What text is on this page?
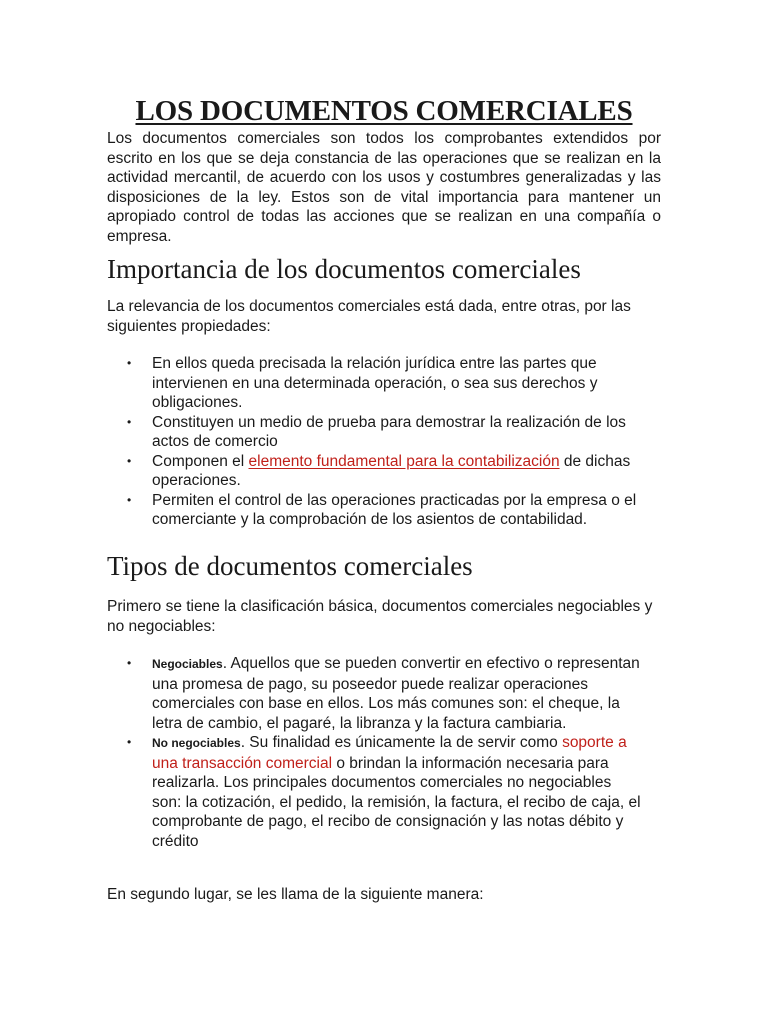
LOS DOCUMENTOS COMERCIALES

Los documentos comerciales son todos los comprobantes extendidos por escrito en los que se deja constancia de las operaciones que se realizan en la actividad mercantil, de acuerdo con los usos y costumbres generalizadas y las disposiciones de la ley. Estos son de vital importancia para mantener un apropiado control de todas las acciones que se realizan en una compañía o empresa.

Importancia de los documentos comerciales

La relevancia de los documentos comerciales está dada, entre otras, por las siguientes propiedades:

• En ellos queda precisada la relación jurídica entre las partes que intervienen en una determinada operación, o sea sus derechos y obligaciones.
• Constituyen un medio de prueba para demostrar la realización de los actos de comercio
• Componen el elemento fundamental para la contabilización de dichas operaciones.
• Permiten el control de las operaciones practicadas por la empresa o el comerciante y la comprobación de los asientos de contabilidad.
Tipos de documentos comerciales

Primero se tiene la clasificación básica, documentos comerciales negociables y no negociables:

• Negociables. Aquellos que se pueden convertir en efectivo o representan una promesa de pago, su poseedor puede realizar operaciones comerciales con base en ellos. Los más comunes son: el cheque, la letra de cambio, el pagaré, la libranza y la factura cambiaria.
• No negociables. Su finalidad es únicamente la de servir como soporte a una transacción comercial o brindan la información necesaria para realizarla. Los principales documentos comerciales no negociables son: la cotización, el pedido, la remisión, la factura, el recibo de caja, el comprobante de pago, el recibo de consignación y las notas débito y crédito

En segundo lugar, se les llama de la siguiente manera:
